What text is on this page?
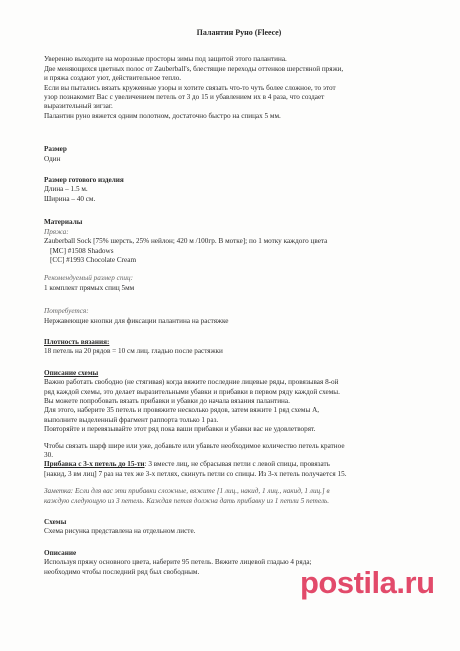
Палантин Руно (Fleece)

Уверенно выходите на морозные просторы зимы под защитой этого палантина.

Две меняющихся цветных полос от Zauberball's, блестящие переходы оттенков шерстяной пряжи,

и пряжа создают уют, действительное тепло.

Если вы пытались вязать кружевные узоры и хотите связать что-то чуть более сложное, то этот

узор познакомит Вас с увеличением петель от 3 до 15 и убавлением их в 4 раза, что создает

выразительный зигзаг.

Палантин руно вяжется одним полотном, достаточно быстро на спицах 5 мм.

Размер

Один

Размер готового изделия

Длина – 1.5 м.

Ширина – 40 см.

Материалы

Пряжа:

Zauberball Sock [75% шерсть, 25% нейлон; 420 м /100гр. В мотке]; по 1 мотку каждого цвета

[MC] #1508 Shadows

[CC] #1993 Chocolate Cream

Рекомендуемый размер спиц:

1 комплект прямых спиц 5мм

Потребуется:

Нержавеющие кнопки для фиксации палантина на растяжке

Плотность вязания:

18 петель на 20 рядов = 10 см лиц. гладью после растяжки

Описание схемы

Важно работать свободно (не стягивая) когда вяжите последние лицевые ряды, провязывая 8-ой

ряд каждой схемы, это делает выразительными убавки и прибавки в первом ряду каждой схемы.

Вы можете попробовать вязать прибавки и убавки до начала вязания палантина.

Для этого, наберите 35 петель и провяжите несколько рядов, затем вяжите 1 ряд схемы А,

выполните выделенный фрагмент раппорта только 1 раз.

Повторяйте и перевязывайте этот ряд пока ваши прибавки и убавки вас не удовлетворят.

Чтобы связать шарф шире или уже, добавьте или убавьте необходимое количество петель кратное

30.

Прибавка с 3-х петель до 15-ти: 3 вместе лиц, не сбрасывая петли с левой спицы, провязать

[накид, 3 вм лиц] 7 раз на тех же 3-х петлях, скинуть петли со спицы. Из 3-х петель получается 15.

Заметка: Если для вас эти прибавки сложные, вяжите [1 лиц., накид, 1 лиц., накид, 1 лиц.] в

каждую следующую из 3 петель. Каждая петля должна дать прибавку из 1 петли 5 петель.

Схемы

Схема рисунка представлена на отдельном листе.

Описание

Используя пряжу основного цвета, наберите 95 петель. Вяжите лицевой гладью 4 ряда;

необходимо чтобы последний ряд был свободным.	postila . ru
